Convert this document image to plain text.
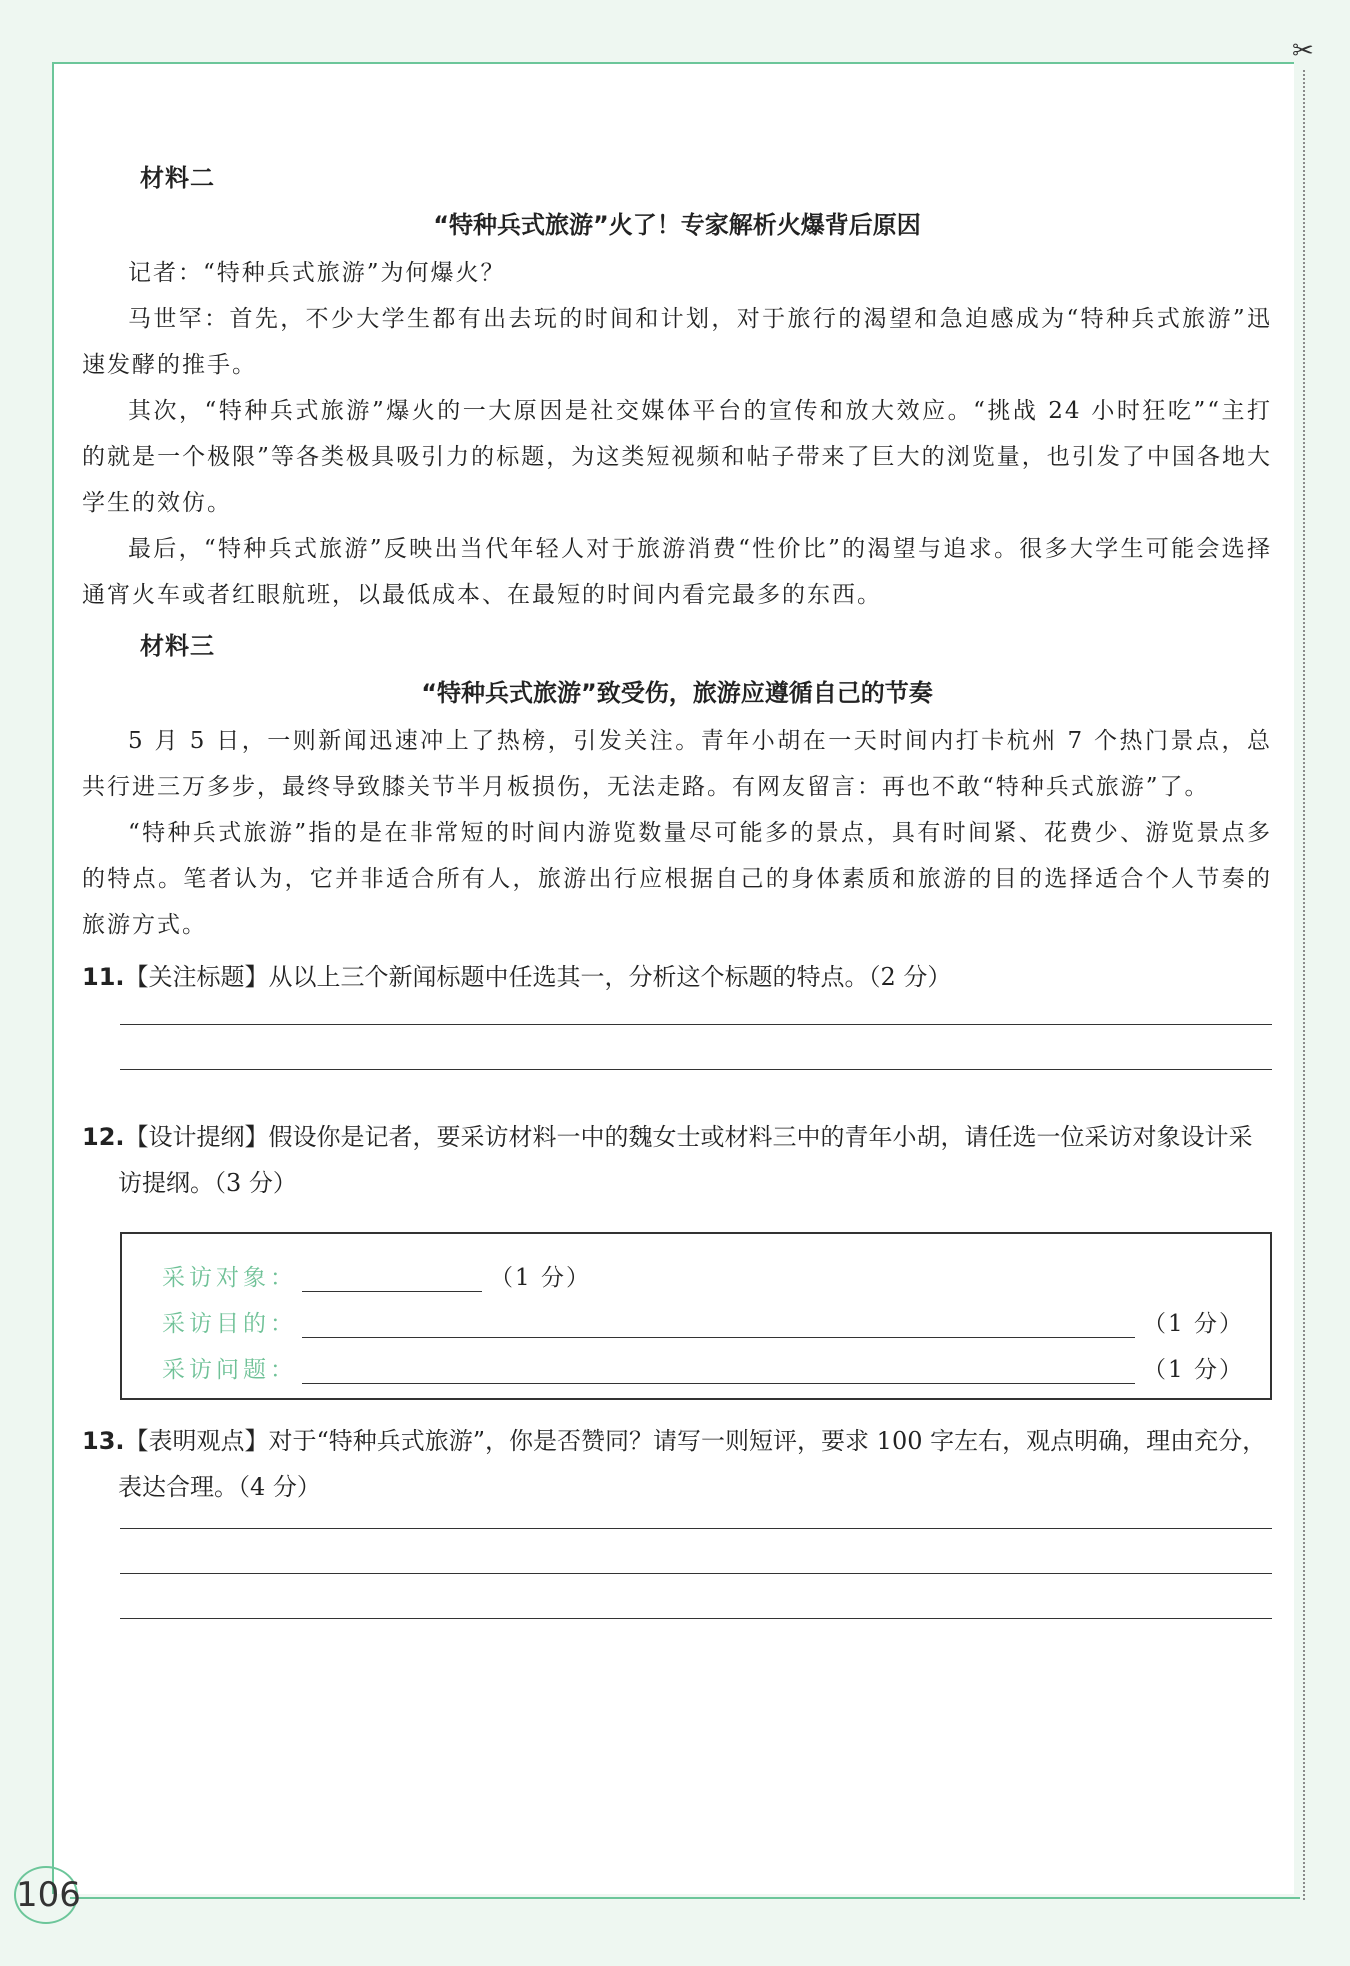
✂
材料二
“特种兵式旅游”火了！专家解析火爆背后原因

记者：“特种兵式旅游”为何爆火？

马世罕：首先，不少大学生都有出去玩的时间和计划，对于旅行的渴望和急迫感成为“特种兵式旅游”迅速发酵的推手。

其次，“特种兵式旅游”爆火的一大原因是社交媒体平台的宣传和放大效应。“挑战 24 小时狂吃”“主打的就是一个极限”等各类极具吸引力的标题，为这类短视频和帖子带来了巨大的浏览量，也引发了中国各地大学生的效仿。

最后，“特种兵式旅游”反映出当代年轻人对于旅游消费“性价比”的渴望与追求。很多大学生可能会选择通宵火车或者红眼航班，以最低成本、在最短的时间内看完最多的东西。

材料三
“特种兵式旅游”致受伤，旅游应遵循自己的节奏

5 月 5 日，一则新闻迅速冲上了热榜，引发关注。青年小胡在一天时间内打卡杭州 7 个热门景点，总共行进三万多步，最终导致膝关节半月板损伤，无法走路。有网友留言：再也不敢“特种兵式旅游”了。

“特种兵式旅游”指的是在非常短的时间内游览数量尽可能多的景点，具有时间紧、花费少、游览景点多的特点。笔者认为，它并非适合所有人，旅游出行应根据自己的身体素质和旅游的目的选择适合个人节奏的旅游方式。

11.【关注标题】从以上三个新闻标题中任选其一，分析这个标题的特点。（2 分）

12.【设计提纲】假设你是记者，要采访材料一中的魏女士或材料三中的青年小胡，请任选一位采访对象设计采访提纲。（3 分）

采访对象：	（1 分）
采访目的：	（1 分）
采访问题：	（1 分）

13.【表明观点】对于“特种兵式旅游”，你是否赞同？请写一则短评，要求 100 字左右，观点明确，理由充分，表达合理。（4 分）

106
